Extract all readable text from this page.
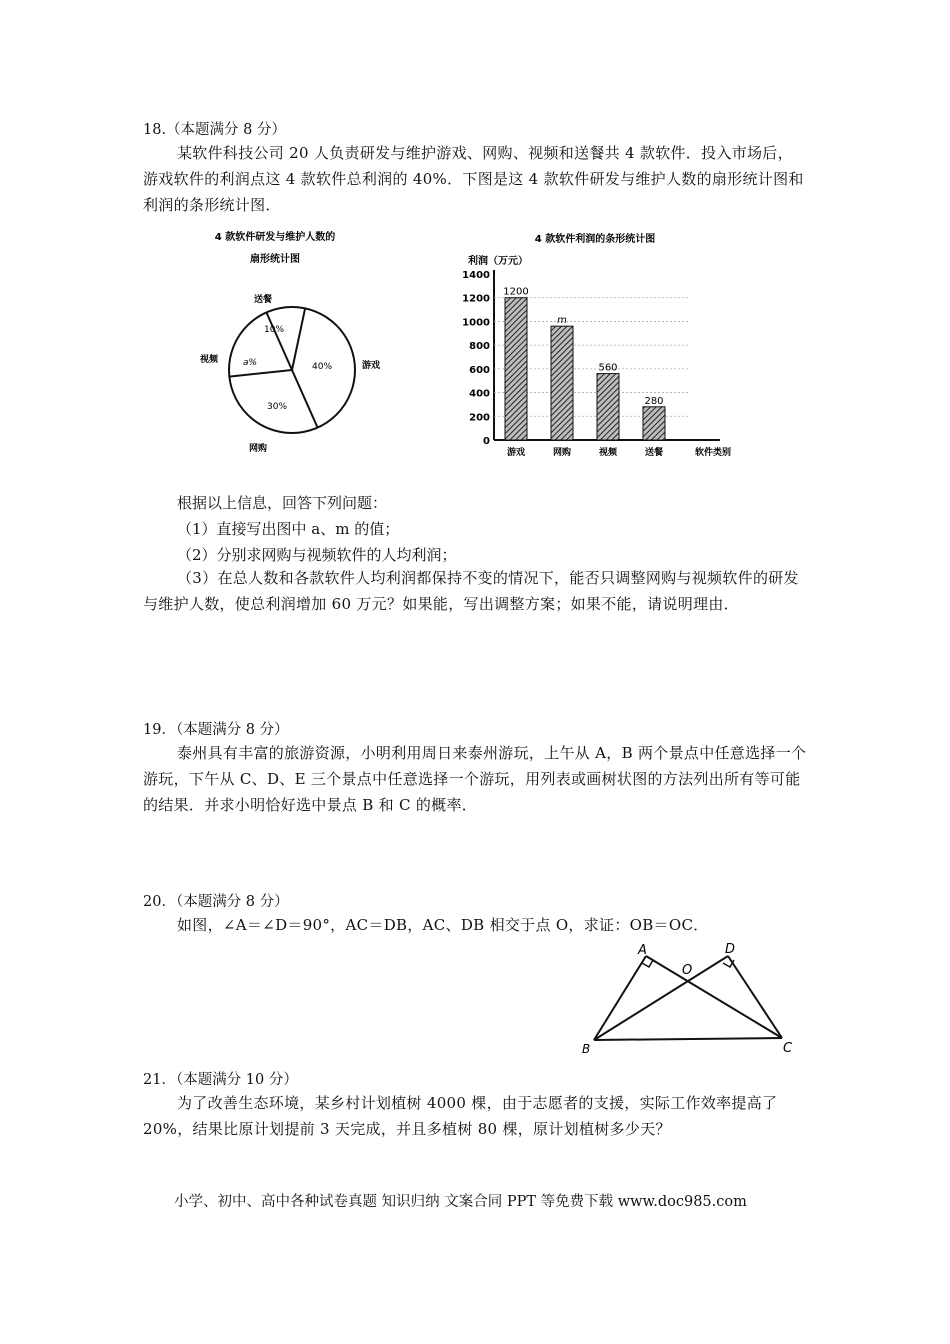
18.（本题满分 8 分）
某软件科技公司 20 人负责研发与维护游戏、网购、视频和送餐共 4 款软件．投入市场后，游戏软件的利润点这 4 款软件总利润的 40%．下图是这 4 款软件研发与维护人数的扇形统计图和利润的条形统计图．
4 款软件研发与维护人数的
扇形统计图
送餐
游戏
网购
视频
10%
40%
30%
a%
4 款软件利润的条形统计图
利润（万元）
软件类别
0
200
400
600
800
1000
1200
1400
1200
游戏
m
网购
560
视频
280
送餐
根据以上信息，回答下列问题：
（1）直接写出图中 a、m 的值；
（2）分别求网购与视频软件的人均利润；
（3）在总人数和各款软件人均利润都保持不变的情况下，能否只调整网购与视频软件的研发与维护人数，使总利润增加 60 万元？如果能，写出调整方案；如果不能，请说明理由．
19．（本题满分 8 分）
泰州具有丰富的旅游资源，小明利用周日来泰州游玩，上午从 A，B 两个景点中任意选择一个游玩，下午从 C、D、E 三个景点中任意选择一个游玩，用列表或画树状图的方法列出所有等可能的结果．并求小明恰好选中景点 B 和 C 的概率．
20．（本题满分 8 分）
如图，∠A＝∠D＝90°，AC＝DB，AC、DB 相交于点 O，求证：OB＝OC．
A	D
O
B	C
21．（本题满分 10 分）
为了改善生态环境，某乡村计划植树 4000 棵，由于志愿者的支援，实际工作效率提高了 20%，结果比原计划提前 3 天完成，并且多植树 80 棵，原计划植树多少天？
小学、初中、高中各种试卷真题 知识归纳 文案合同 PPT 等免费下载 www.doc985.com
